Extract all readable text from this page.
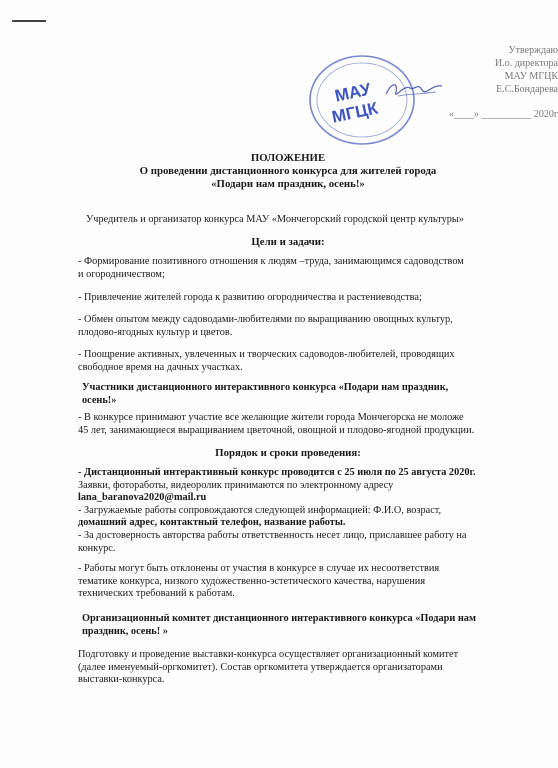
Утверждаю
И.о. директора
МАУ МГЦК
Е.С.Бондарева
«____» __________ 2020г
МАУ
МГЦК
ПОЛОЖЕНИЕ
О проведении дистанционного конкурса для жителей города
«Подари нам праздник, осень!»
Учредитель и организатор конкурса МАУ «Мончегорский городской центр культуры»
Цели и задачи:
- Формирование позитивного отношения к людям –труда, занимающимся садоводством
и огородничеством;
- Привлечение жителей города к развитию огородничества и растениеводства;
- Обмен опытом между садоводами-любителями по выращиванию овощных культур,
плодово-ягодных культур и цветов.
- Поощрение активных, увлеченных и творческих садоводов-любителей, проводящих
свободное время на дачных участках.
Участники дистанционного интерактивного конкурса «Подари нам праздник,
осень!»
- В конкурсе принимают участие все желающие жители города Мончегорска не моложе
45 лет, занимающиеся выращиванием цветочной, овощной и плодово-ягодной продукции.
Порядок и сроки проведения:
- Дистанционный интерактивный конкурс проводится с 25 июля по 25 августа 2020г.
Заявки, фотоработы, видеоролик принимаются по электронному адресу
lana_baranova2020@mail.ru
- Загружаемые работы сопровождаются следующей информацией: Ф.И.О, возраст,
домашний адрес, контактный телефон, название работы.
- За достоверность авторства работы ответственность несет лицо, приславшее работу на
конкурс.
- Работы могут быть отклонены от участия в конкурсе в случае их несоответствия
тематике конкурса, низкого художественно-эстетического качества, нарушения
технических требований к работам.
Организационный комитет дистанционного интерактивного конкурса «Подари нам
праздник, осень! »
Подготовку и проведение выставки-конкурса осуществляет организационный комитет
(далее именуемый-оргкомитет). Состав оргкомитета утверждается организаторами
выставки-конкурса.
